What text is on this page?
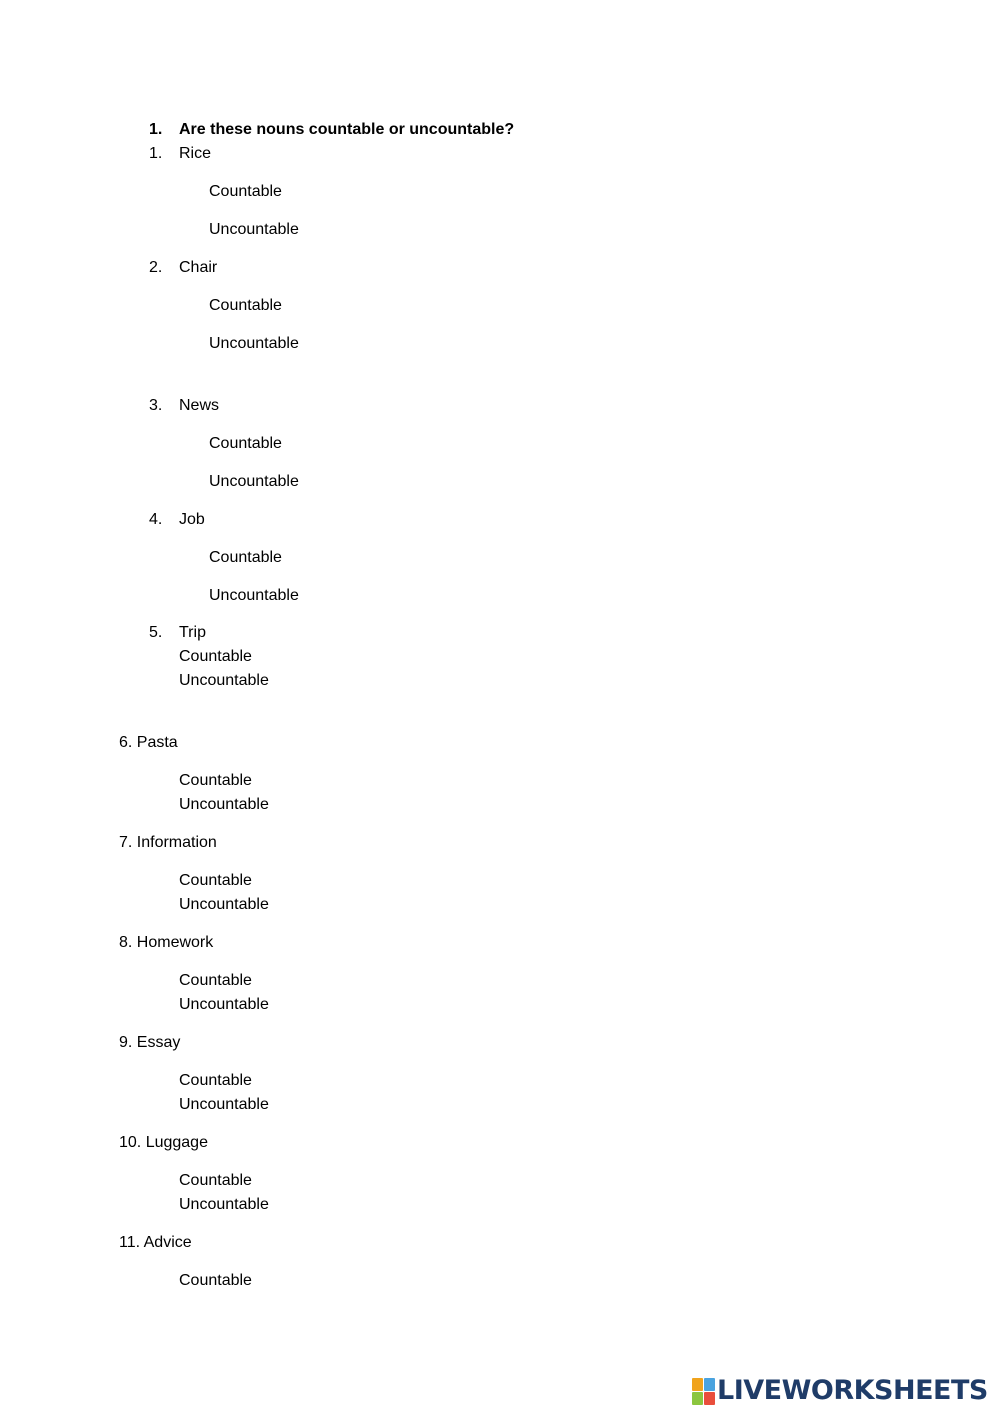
1. Are these nouns countable or uncountable?
1. Rice
Countable
Uncountable
2. Chair
Countable
Uncountable
3. News
Countable
Uncountable
4. Job
Countable
Uncountable
5. Trip
Countable
Uncountable
6. Pasta
Countable
Uncountable
7. Information
Countable
Uncountable
8. Homework
Countable
Uncountable
9. Essay
Countable
Uncountable
10. Luggage
Countable
Uncountable
11. Advice
Countable
LIVEWORKSHEETS
